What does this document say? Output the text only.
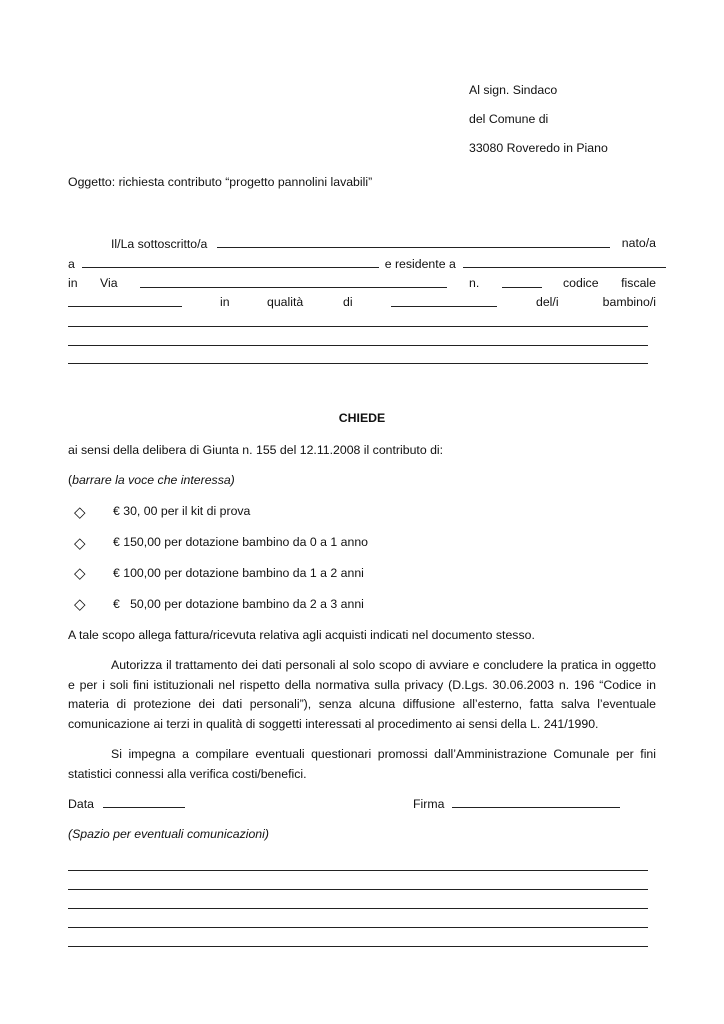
Al sign. Sindaco
del Comune di
33080 Roveredo in Piano
Oggetto: richiesta contributo “progetto pannolini lavabili”
Il/La sottoscritto/a	nato/a
a	e residente a
in Via	n.	codice fiscale
in	qualità	di	del/i	bambino/i
CHIEDE
ai sensi della delibera di Giunta n. 155 del 12.11.2008 il contributo di:
(barrare la voce che interessa)
◇ € 30, 00 per il kit di prova
◇ € 150,00 per dotazione bambino da 0 a 1 anno
◇ € 100,00 per dotazione bambino da 1 a 2 anni
◇ €   50,00 per dotazione bambino da 2 a 3 anni
A tale scopo allega fattura/ricevuta relativa agli acquisti indicati nel documento stesso.
Autorizza il trattamento dei dati personali al solo scopo di avviare e concludere la pratica in oggetto e per i soli fini istituzionali nel rispetto della normativa sulla privacy (D.Lgs. 30.06.2003 n. 196 “Codice in materia di protezione dei dati personali”), senza alcuna diffusione all’esterno, fatta salva l’eventuale comunicazione ai terzi in qualità di soggetti interessati al procedimento ai sensi della L. 241/1990.
Si impegna a compilare eventuali questionari promossi dall’Amministrazione Comunale per fini statistici connessi alla verifica costi/benefici.
Data	Firma
(Spazio per eventuali comunicazioni)
